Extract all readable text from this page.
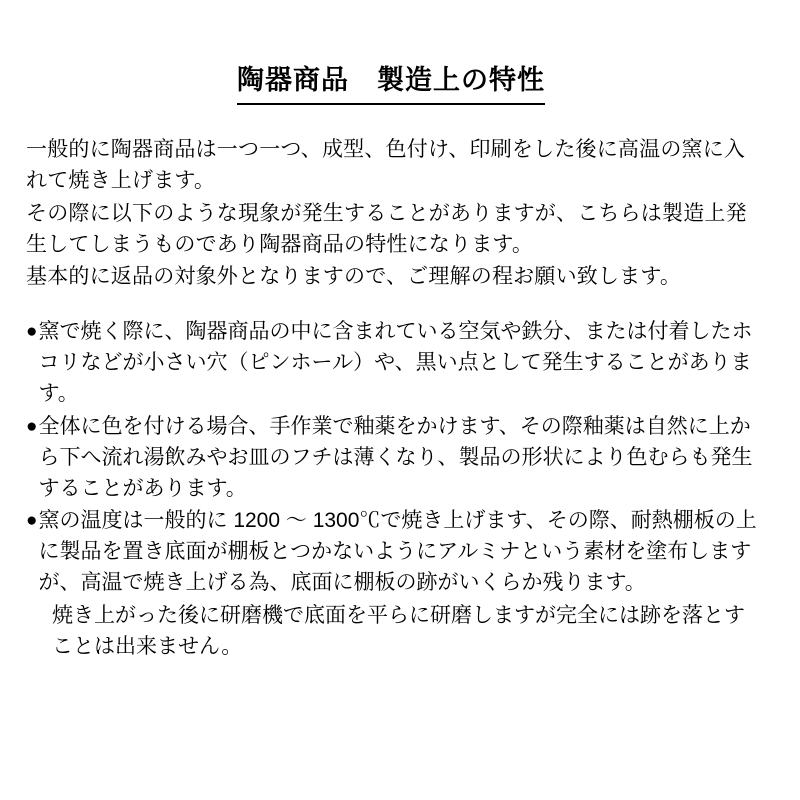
陶器商品　製造上の特性

一般的に陶器商品は一つ一つ、成型、色付け、印刷をした後に高温の窯に入れて焼き上げます。

その際に以下のような現象が発生することがありますが、こちらは製造上発生してしまうものであり陶器商品の特性になります。

基本的に返品の対象外となりますので、ご理解の程お願い致します。

● 窯で焼く際に、陶器商品の中に含まれている空気や鉄分、または付着したホコリなどが小さい穴（ピンホール）や、黒い点として発生することがあります。
● 全体に色を付ける場合、手作業で釉薬をかけます、その際釉薬は自然に上から下へ流れ湯飲みやお皿のフチは薄くなり、製品の形状により色むらも発生することがあります。
● 窯の温度は一般的に 1200 ～ 1300℃で焼き上げます、その際、耐熱棚板の上に製品を置き底面が棚板とつかないようにアルミナという素材を塗布しますが、高温で焼き上げる為、底面に棚板の跡がいくらか残ります。
焼き上がった後に研磨機で底面を平らに研磨しますが完全には跡を落とすことは出来ません。
